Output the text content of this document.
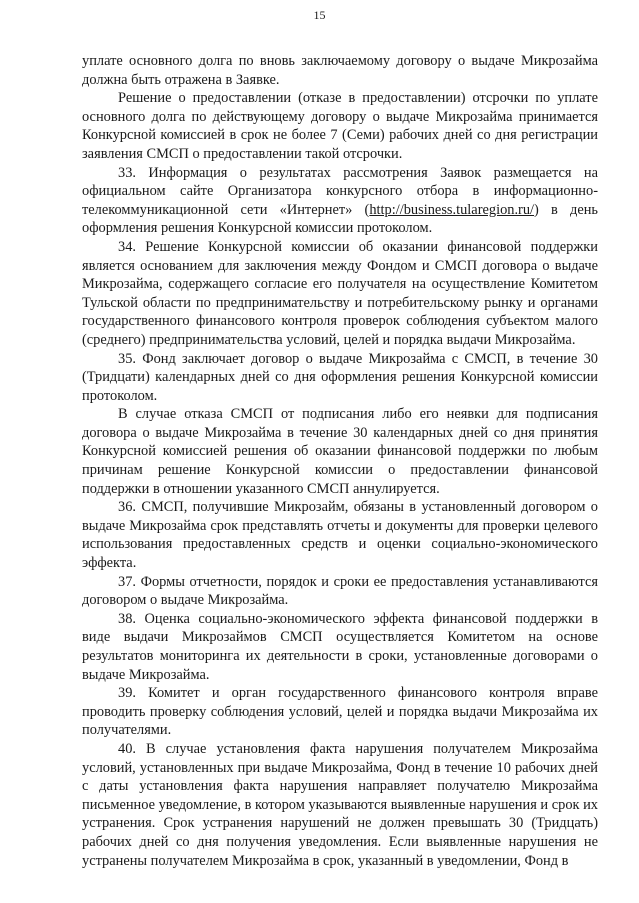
15

уплате основного долга по вновь заключаемому договору о выдаче Микрозайма должна быть отражена в Заявке.

Решение о предоставлении (отказе в предоставлении) отсрочки по уплате основного долга по действующему договору о выдаче Микрозайма принимается Конкурсной комиссией в срок не более 7 (Семи) рабочих дней со дня регистрации заявления СМСП о предоставлении такой отсрочки.

33. Информация о результатах рассмотрения Заявок размещается на официальном сайте Организатора конкурсного отбора в информационно-телекоммуникационной сети «Интернет» (http://business.tularegion.ru/) в день оформления решения Конкурсной комиссии протоколом.

34. Решение Конкурсной комиссии об оказании финансовой поддержки является основанием для заключения между Фондом и СМСП договора о выдаче Микрозайма, содержащего согласие его получателя на осуществление Комитетом Тульской области по предпринимательству и потребительскому рынку и органами государственного финансового контроля проверок соблюдения субъектом малого (среднего) предпринимательства условий, целей и порядка выдачи Микрозайма.

35. Фонд заключает договор о выдаче Микрозайма с СМСП, в течение 30 (Тридцати) календарных дней со дня оформления решения Конкурсной комиссии протоколом.

В случае отказа СМСП от подписания либо его неявки для подписания договора о выдаче Микрозайма в течение 30 календарных дней со дня принятия Конкурсной комиссией решения об оказании финансовой поддержки по любым причинам решение Конкурсной комиссии о предоставлении финансовой поддержки в отношении указанного СМСП аннулируется.

36. СМСП, получившие Микрозайм, обязаны в установленный договором о выдаче Микрозайма срок представлять отчеты и документы для проверки целевого использования предоставленных средств и оценки социально-экономического эффекта.

37. Формы отчетности, порядок и сроки ее предоставления устанавливаются договором о выдаче Микрозайма.

38. Оценка социально-экономического эффекта финансовой поддержки в виде выдачи Микрозаймов СМСП осуществляется Комитетом на основе результатов мониторинга их деятельности в сроки, установленные договорами о выдаче Микрозайма.

39. Комитет и орган государственного финансового контроля вправе проводить проверку соблюдения условий, целей и порядка выдачи Микрозайма их получателями.

40. В случае установления факта нарушения получателем Микрозайма условий, установленных при выдаче Микрозайма, Фонд в течение 10 рабочих дней с даты установления факта нарушения направляет получателю Микрозайма письменное уведомление, в котором указываются выявленные нарушения и срок их устранения. Срок устранения нарушений не должен превышать 30 (Тридцать) рабочих дней со дня получения уведомления. Если выявленные нарушения не устранены получателем Микрозайма в срок, указанный в уведомлении, Фонд в
